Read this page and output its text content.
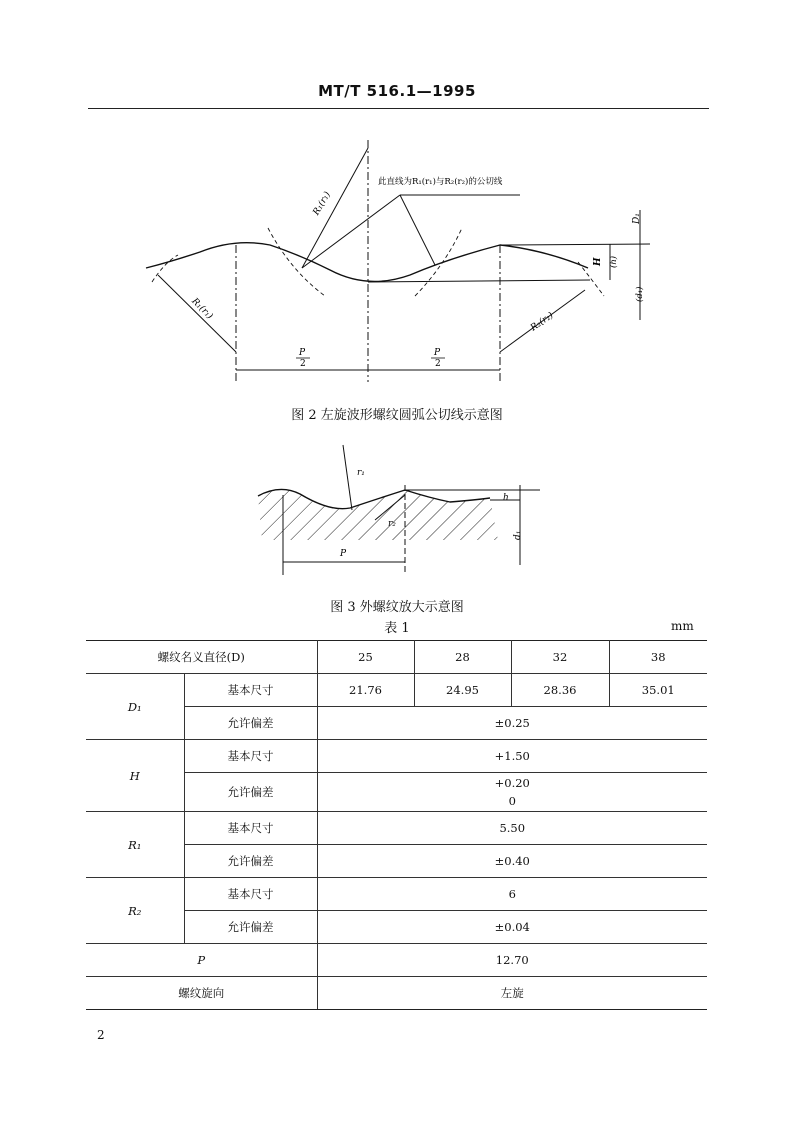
MT/T 516.1—1995
R₁(r₁)
R₁(r₁)
R₂(r₂)
此直线为R₁(r₁)与R₂(r₂)的公切线
D₁
H (h)
(d₁)
P
2
P
2
图 2 左旋波形螺纹圆弧公切线示意图
r₁
r₂
h
d₁
P
图 3 外螺纹放大示意图
表 1	mm
螺纹名义直径(D)		25	28	32	38
D₁	基本尺寸	21.76	24.95	28.36	35.01
	允许偏差	±0.25			
H	基本尺寸	+1.50			
	允许偏差	+0.20
0			

R₁	基本尺寸	5.50			
	允许偏差	±0.40			
R₂	基本尺寸	6			
	允许偏差	±0.04			
P		12.70			
螺纹旋向		左旋			
2
